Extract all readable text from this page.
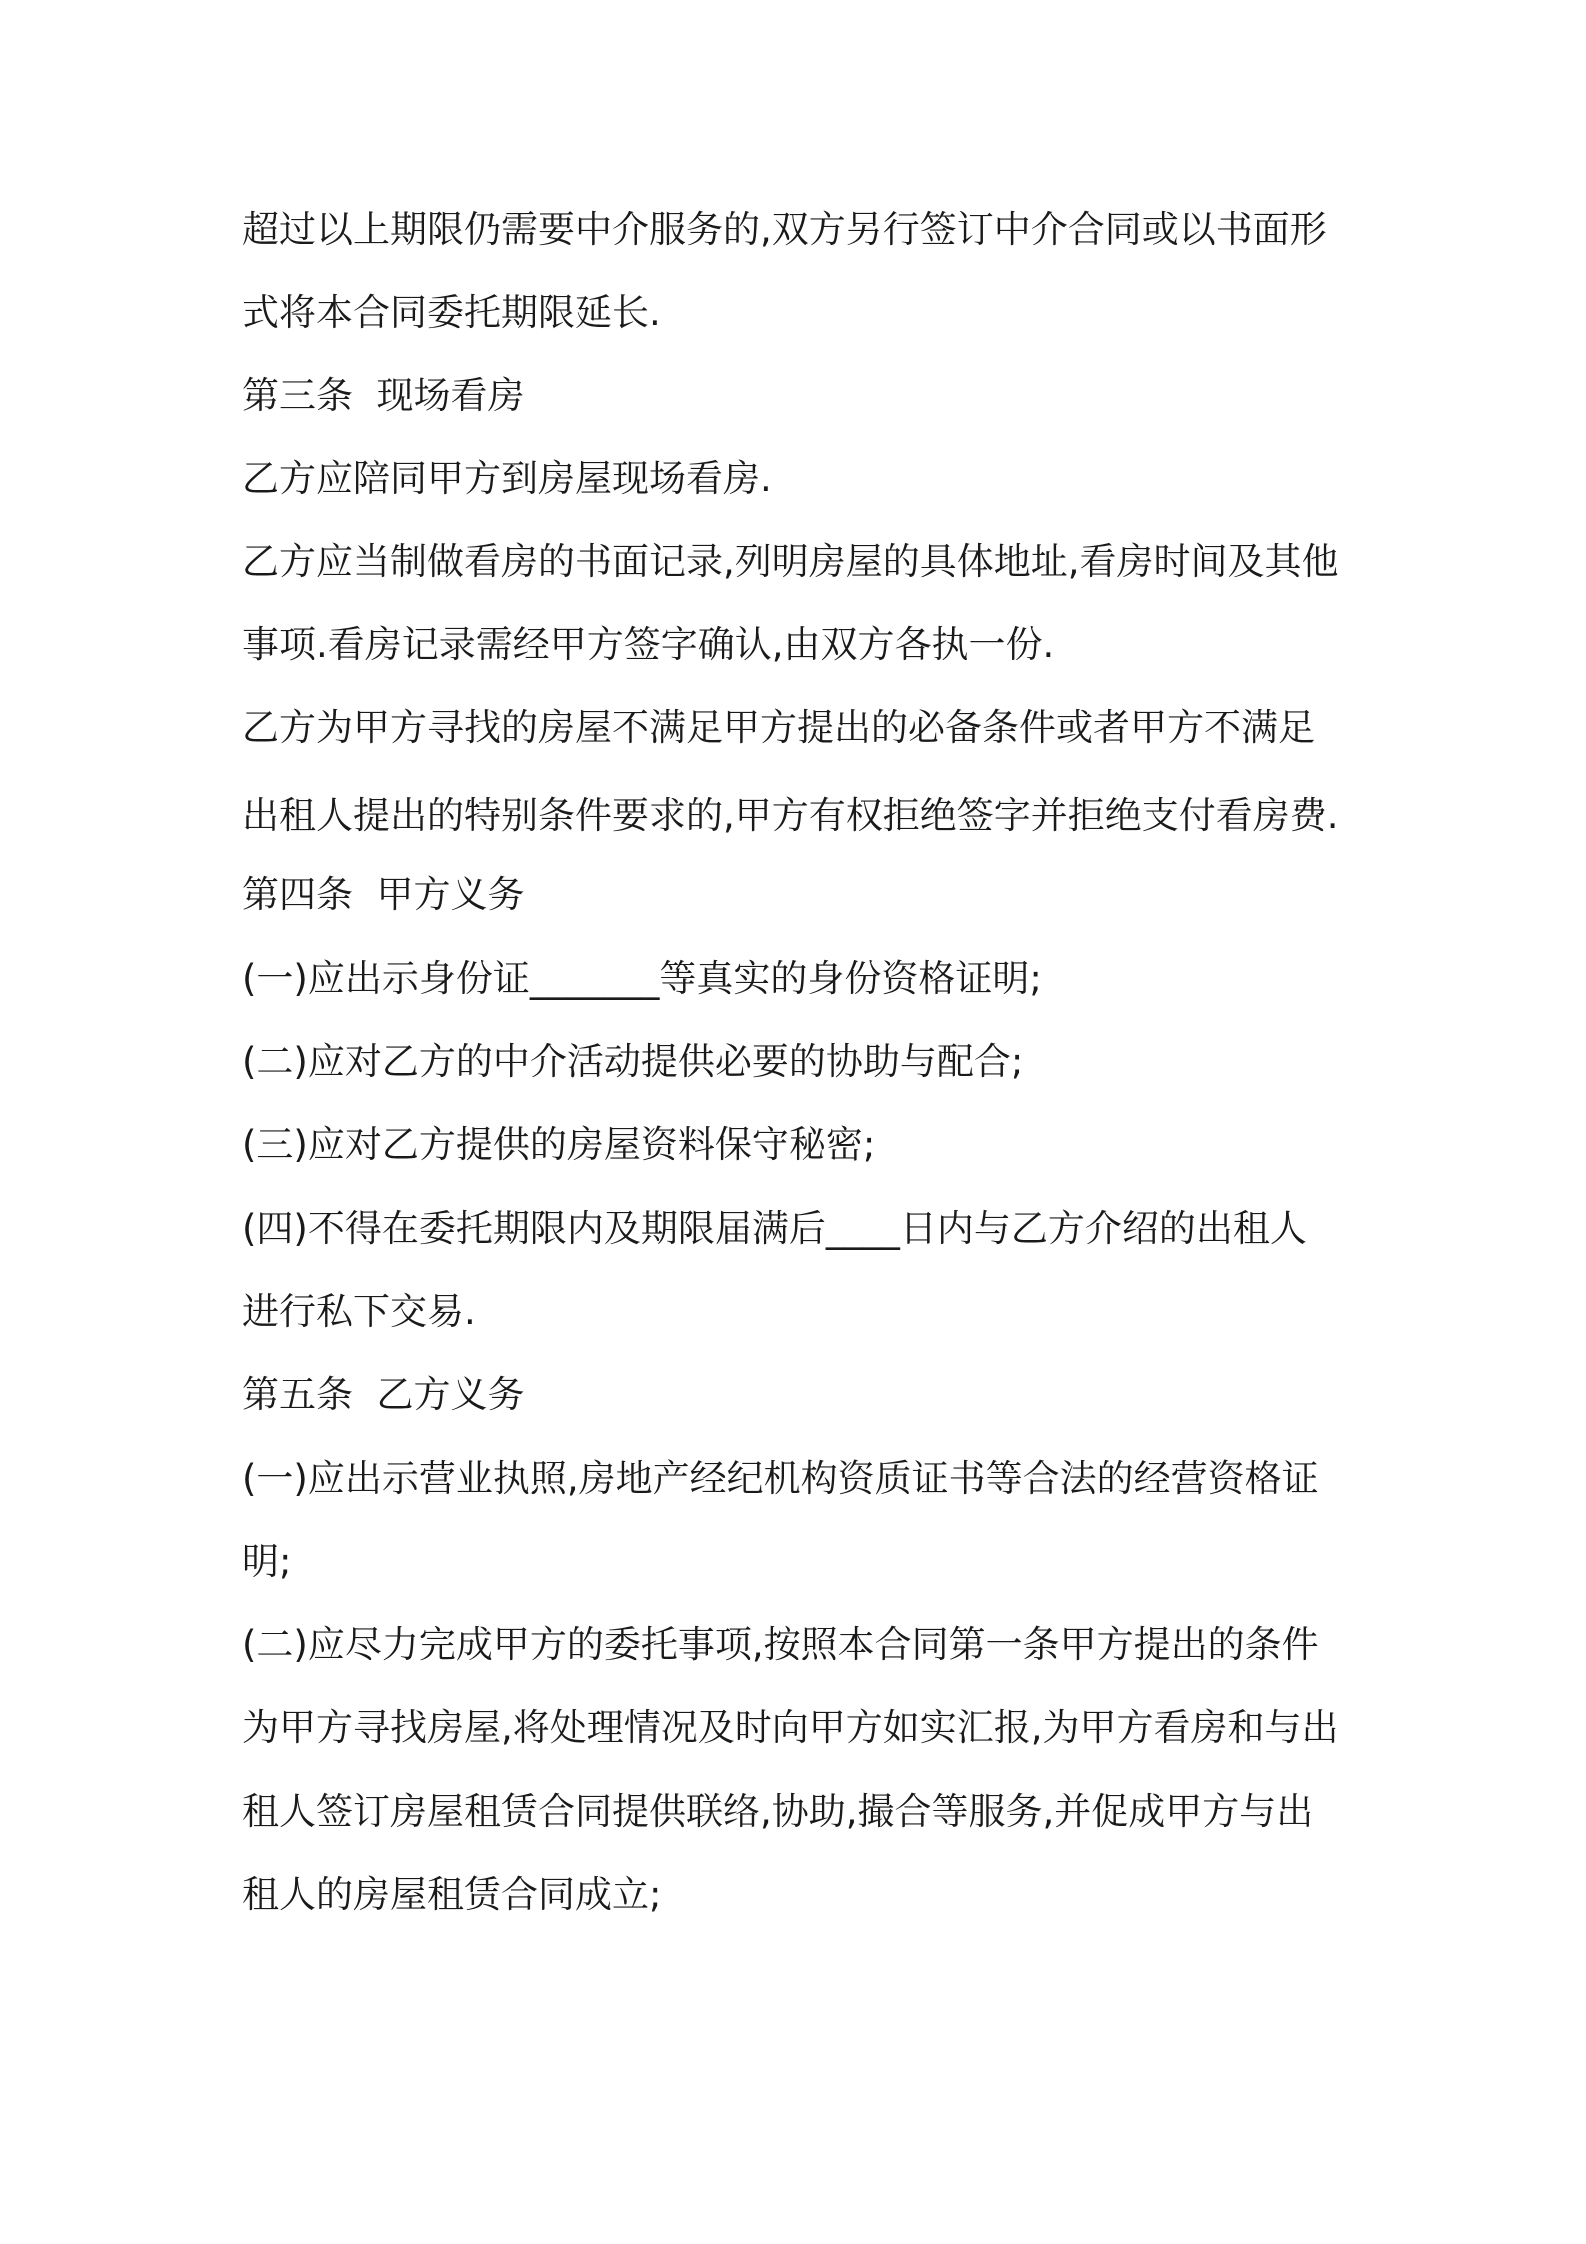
超过以上期限仍需要中介服务的,双方另行签订中介合同或以书面形

式将本合同委托期限延长.

第三条  现场看房

乙方应陪同甲方到房屋现场看房.

乙方应当制做看房的书面记录,列明房屋的具体地址,看房时间及其他

事项.看房记录需经甲方签字确认,由双方各执一份.

乙方为甲方寻找的房屋不满足甲方提出的必备条件或者甲方不满足

出租人提出的特别条件要求的,甲方有权拒绝签字并拒绝支付看房费.

第四条  甲方义务

(一)应出示身份证_______等真实的身份资格证明;

(二)应对乙方的中介活动提供必要的协助与配合;

(三)应对乙方提供的房屋资料保守秘密;

(四)不得在委托期限内及期限届满后____日内与乙方介绍的出租人

进行私下交易.

第五条  乙方义务

(一)应出示营业执照,房地产经纪机构资质证书等合法的经营资格证

明;

(二)应尽力完成甲方的委托事项,按照本合同第一条甲方提出的条件

为甲方寻找房屋,将处理情况及时向甲方如实汇报,为甲方看房和与出

租人签订房屋租赁合同提供联络,协助,撮合等服务,并促成甲方与出

租人的房屋租赁合同成立;
